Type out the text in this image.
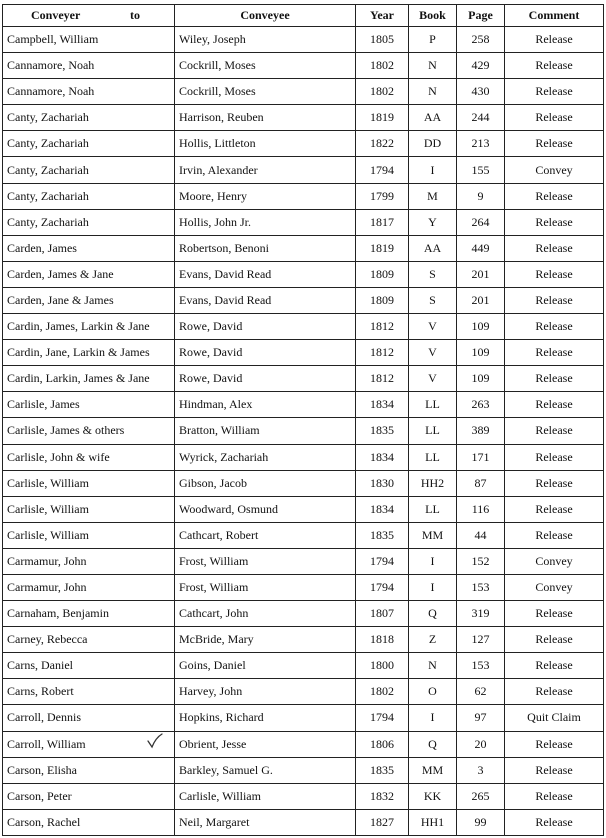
Conveyer to	Conveyee	Year	Book	Page	Comment
Campbell, William	Wiley, Joseph	1805	P	258	Release
Cannamore, Noah	Cockrill, Moses	1802	N	429	Release
Cannamore, Noah	Cockrill, Moses	1802	N	430	Release
Canty, Zachariah	Harrison, Reuben	1819	AA	244	Release
Canty, Zachariah	Hollis, Littleton	1822	DD	213	Release
Canty, Zachariah	Irvin, Alexander	1794	I	155	Convey
Canty, Zachariah	Moore, Henry	1799	M	9	Release
Canty, Zachariah	Hollis, John Jr.	1817	Y	264	Release
Carden, James	Robertson, Benoni	1819	AA	449	Release
Carden, James & Jane	Evans, David Read	1809	S	201	Release
Carden, Jane & James	Evans, David Read	1809	S	201	Release
Cardin, James, Larkin & Jane	Rowe, David	1812	V	109	Release
Cardin, Jane, Larkin & James	Rowe, David	1812	V	109	Release
Cardin, Larkin, James & Jane	Rowe, David	1812	V	109	Release
Carlisle, James	Hindman, Alex	1834	LL	263	Release
Carlisle, James & others	Bratton, William	1835	LL	389	Release
Carlisle, John & wife	Wyrick, Zachariah	1834	LL	171	Release
Carlisle, William	Gibson, Jacob	1830	HH2	87	Release
Carlisle, William	Woodward, Osmund	1834	LL	116	Release
Carlisle, William	Cathcart, Robert	1835	MM	44	Release
Carmamur, John	Frost, William	1794	I	152	Convey
Carmamur, John	Frost, William	1794	I	153	Convey
Carnaham, Benjamin	Cathcart, John	1807	Q	319	Release
Carney, Rebecca	McBride, Mary	1818	Z	127	Release
Carns, Daniel	Goins, Daniel	1800	N	153	Release
Carns, Robert	Harvey, John	1802	O	62	Release
Carroll, Dennis	Hopkins, Richard	1794	I	97	Quit Claim
Carroll, William	Obrient, Jesse	1806	Q	20	Release
Carson, Elisha	Barkley, Samuel G.	1835	MM	3	Release
Carson, Peter	Carlisle, William	1832	KK	265	Release
Carson, Rachel	Neil, Margaret	1827	HH1	99	Release
